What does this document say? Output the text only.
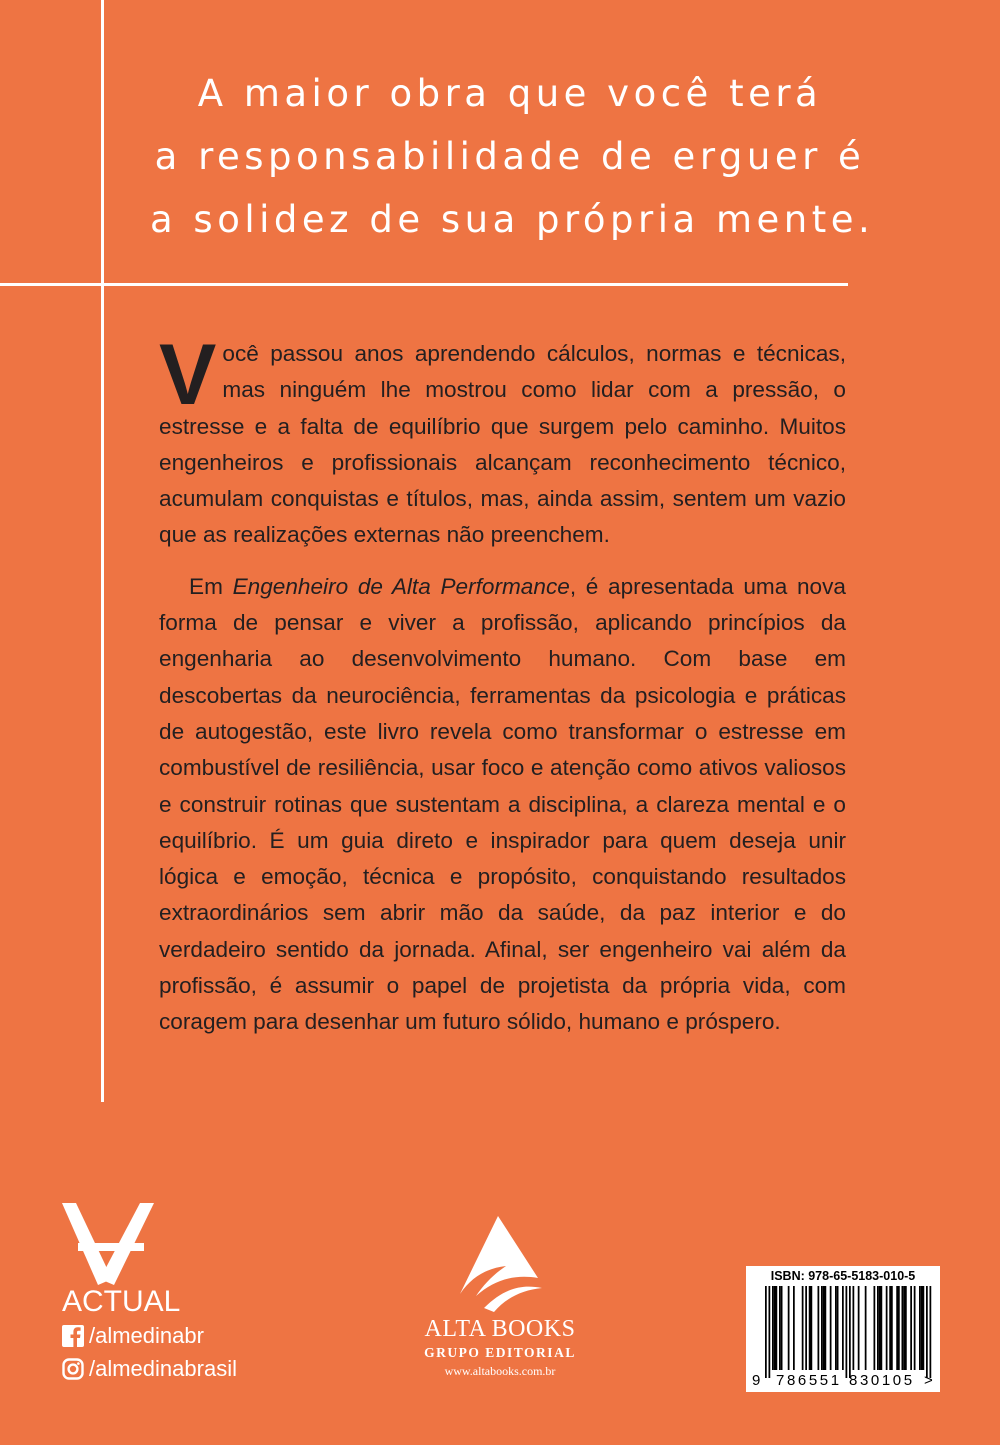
A maior obra que você terá
a responsabilidade de erguer é
a solidez de sua própria mente.

Você passou anos aprendendo cálculos, normas e técnicas, mas ninguém lhe mostrou como lidar com a pressão, o estresse e a falta de equilíbrio que surgem pelo caminho. Muitos engenheiros e profissionais alcançam reconhecimento técnico, acumulam conquistas e títulos, mas, ainda assim, sentem um vazio que as realizações externas não preenchem.

Em Engenheiro de Alta Performance, é apresentada uma nova forma de pensar e viver a profissão, aplicando princípios da engenharia ao desenvolvimento humano. Com base em descobertas da neurociência, ferramentas da psicologia e práticas de autogestão, este livro revela como transformar o estresse em combustível de resiliência, usar foco e atenção como ativos valiosos e construir rotinas que sustentam a disciplina, a clareza mental e o equilíbrio. É um guia direto e inspirador para quem deseja unir lógica e emoção, técnica e propósito, conquistando resultados extraordinários sem abrir mão da saúde, da paz interior e do verdadeiro sentido da jornada. Afinal, ser engenheiro vai além da profissão, é assumir o papel de projetista da própria vida, com coragem para desenhar um futuro sólido, humano e próspero.

ACTUAL
/almedinabr
/almedinabrasil
ALTA BOOKS
GRUPO EDITORIAL
www.altabooks.com.br
ISBN: 978-65-5183-010-5
9 786551 830105 >
